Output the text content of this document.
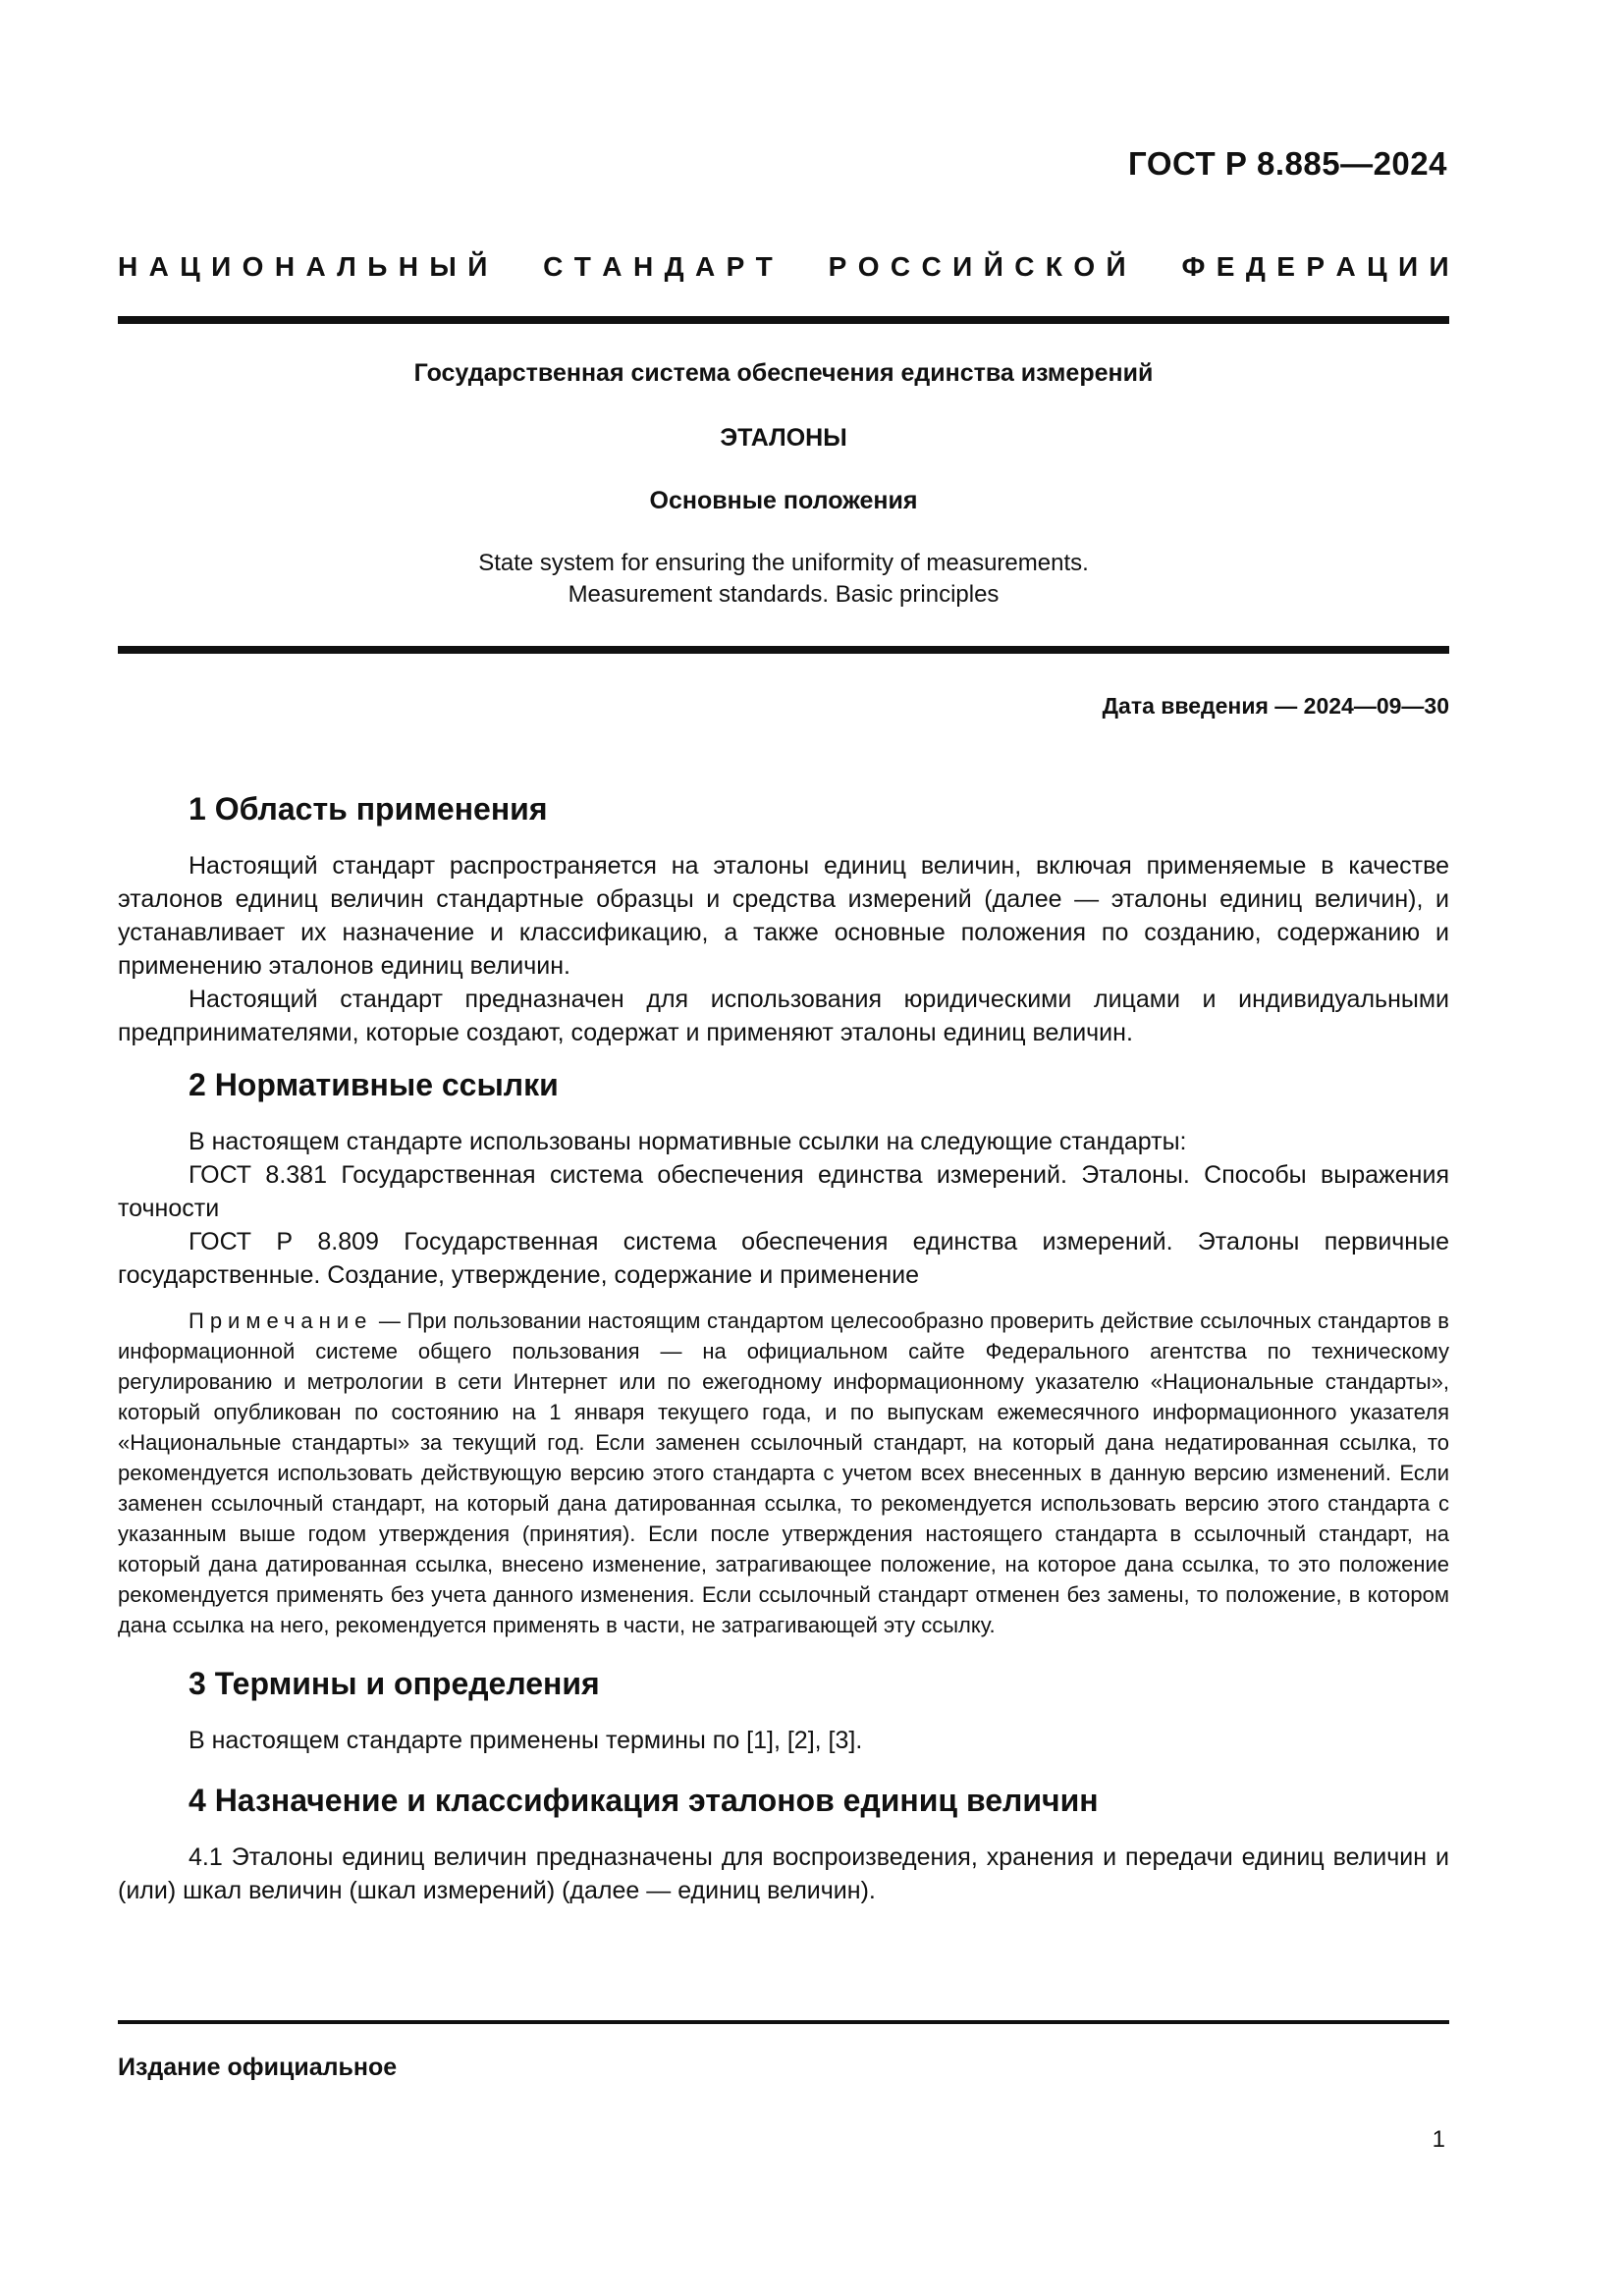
ГОСТ Р 8.885—2024
Н А Ц И О Н А Л Ь Н Ы Й С Т А Н Д А Р Т Р О С С И Й С К О Й Ф Е Д Е Р А Ц И И
Государственная система обеспечения единства измерений
ЭТАЛОНЫ
Основные положения
State system for ensuring the uniformity of measurements.
Measurement standards. Basic principles
Дата введения — 2024—09—30
1 Область применения

Настоящий стандарт распространяется на эталоны единиц величин, включая применяемые в качестве эталонов единиц величин стандартные образцы и средства измерений (далее — эталоны единиц величин), и устанавливает их назначение и классификацию, а также основные положения по созданию, содержанию и применению эталонов единиц величин.

Настоящий стандарт предназначен для использования юридическими лицами и индивидуальными предпринимателями, которые создают, содержат и применяют эталоны единиц величин.

2 Нормативные ссылки

В настоящем стандарте использованы нормативные ссылки на следующие стандарты:

ГОСТ 8.381 Государственная система обеспечения единства измерений. Эталоны. Способы выражения точности

ГОСТ Р 8.809 Государственная система обеспечения единства измерений. Эталоны первичные государственные. Создание, утверждение, содержание и применение

Примечание — При пользовании настоящим стандартом целесообразно проверить действие ссылочных стандартов в информационной системе общего пользования — на официальном сайте Федерального агентства по техническому регулированию и метрологии в сети Интернет или по ежегодному информационному указателю «Национальные стандарты», который опубликован по состоянию на 1 января текущего года, и по выпускам ежемесячного информационного указателя «Национальные стандарты» за текущий год. Если заменен ссылочный стандарт, на который дана недатированная ссылка, то рекомендуется использовать действующую версию этого стандарта с учетом всех внесенных в данную версию изменений. Если заменен ссылочный стандарт, на который дана датированная ссылка, то рекомендуется использовать версию этого стандарта с указанным выше годом утверждения (принятия). Если после утверждения настоящего стандарта в ссылочный стандарт, на который дана датированная ссылка, внесено изменение, затрагивающее положение, на которое дана ссылка, то это положение рекомендуется применять без учета данного изменения. Если ссылочный стандарт отменен без замены, то положение, в котором дана ссылка на него, рекомендуется применять в части, не затрагивающей эту ссылку.
3 Термины и определения

В настоящем стандарте применены термины по [1], [2], [3].

4 Назначение и классификация эталонов единиц величин

4.1 Эталоны единиц величин предназначены для воспроизведения, хранения и передачи единиц величин и (или) шкал величин (шкал измерений) (далее — единиц величин).

Издание официальное
1
